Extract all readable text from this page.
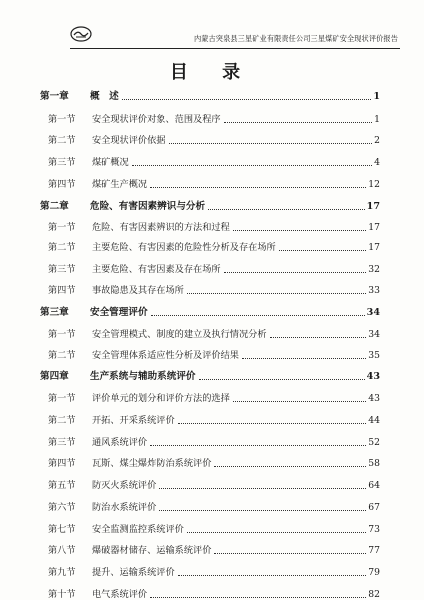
内蒙古突泉县三星矿业有限责任公司三星煤矿安全现状评价报告
目 录
第一章	概　述	1
第一节	安全现状评价对象、范围及程序	1
第二节	安全现状评价依据	2
第三节	煤矿概况	4
第四节	煤矿生产概况	12
第二章	危险、有害因素辨识与分析	17
第一节	危险、有害因素辨识的方法和过程	17
第二节	主要危险、有害因素的危险性分析及存在场所	17
第三节	主要危险、有害因素及存在场所	32
第四节	事故隐患及其存在场所	33
第三章	安全管理评价	34
第一节	安全管理模式、制度的建立及执行情况分析	34
第二节	安全管理体系适应性分析及评价结果	35
第四章	生产系统与辅助系统评价	43
第一节	评价单元的划分和评价方法的选择	43
第二节	开拓、开采系统评价	44
第三节	通风系统评价	52
第四节	瓦斯、煤尘爆炸防治系统评价	58
第五节	防灭火系统评价	64
第六节	防治水系统评价	67
第七节	安全监测监控系统评价	73
第八节	爆破器材储存、运输系统评价	77
第九节	提升、运输系统评价	79
第十节	电气系统评价	82
